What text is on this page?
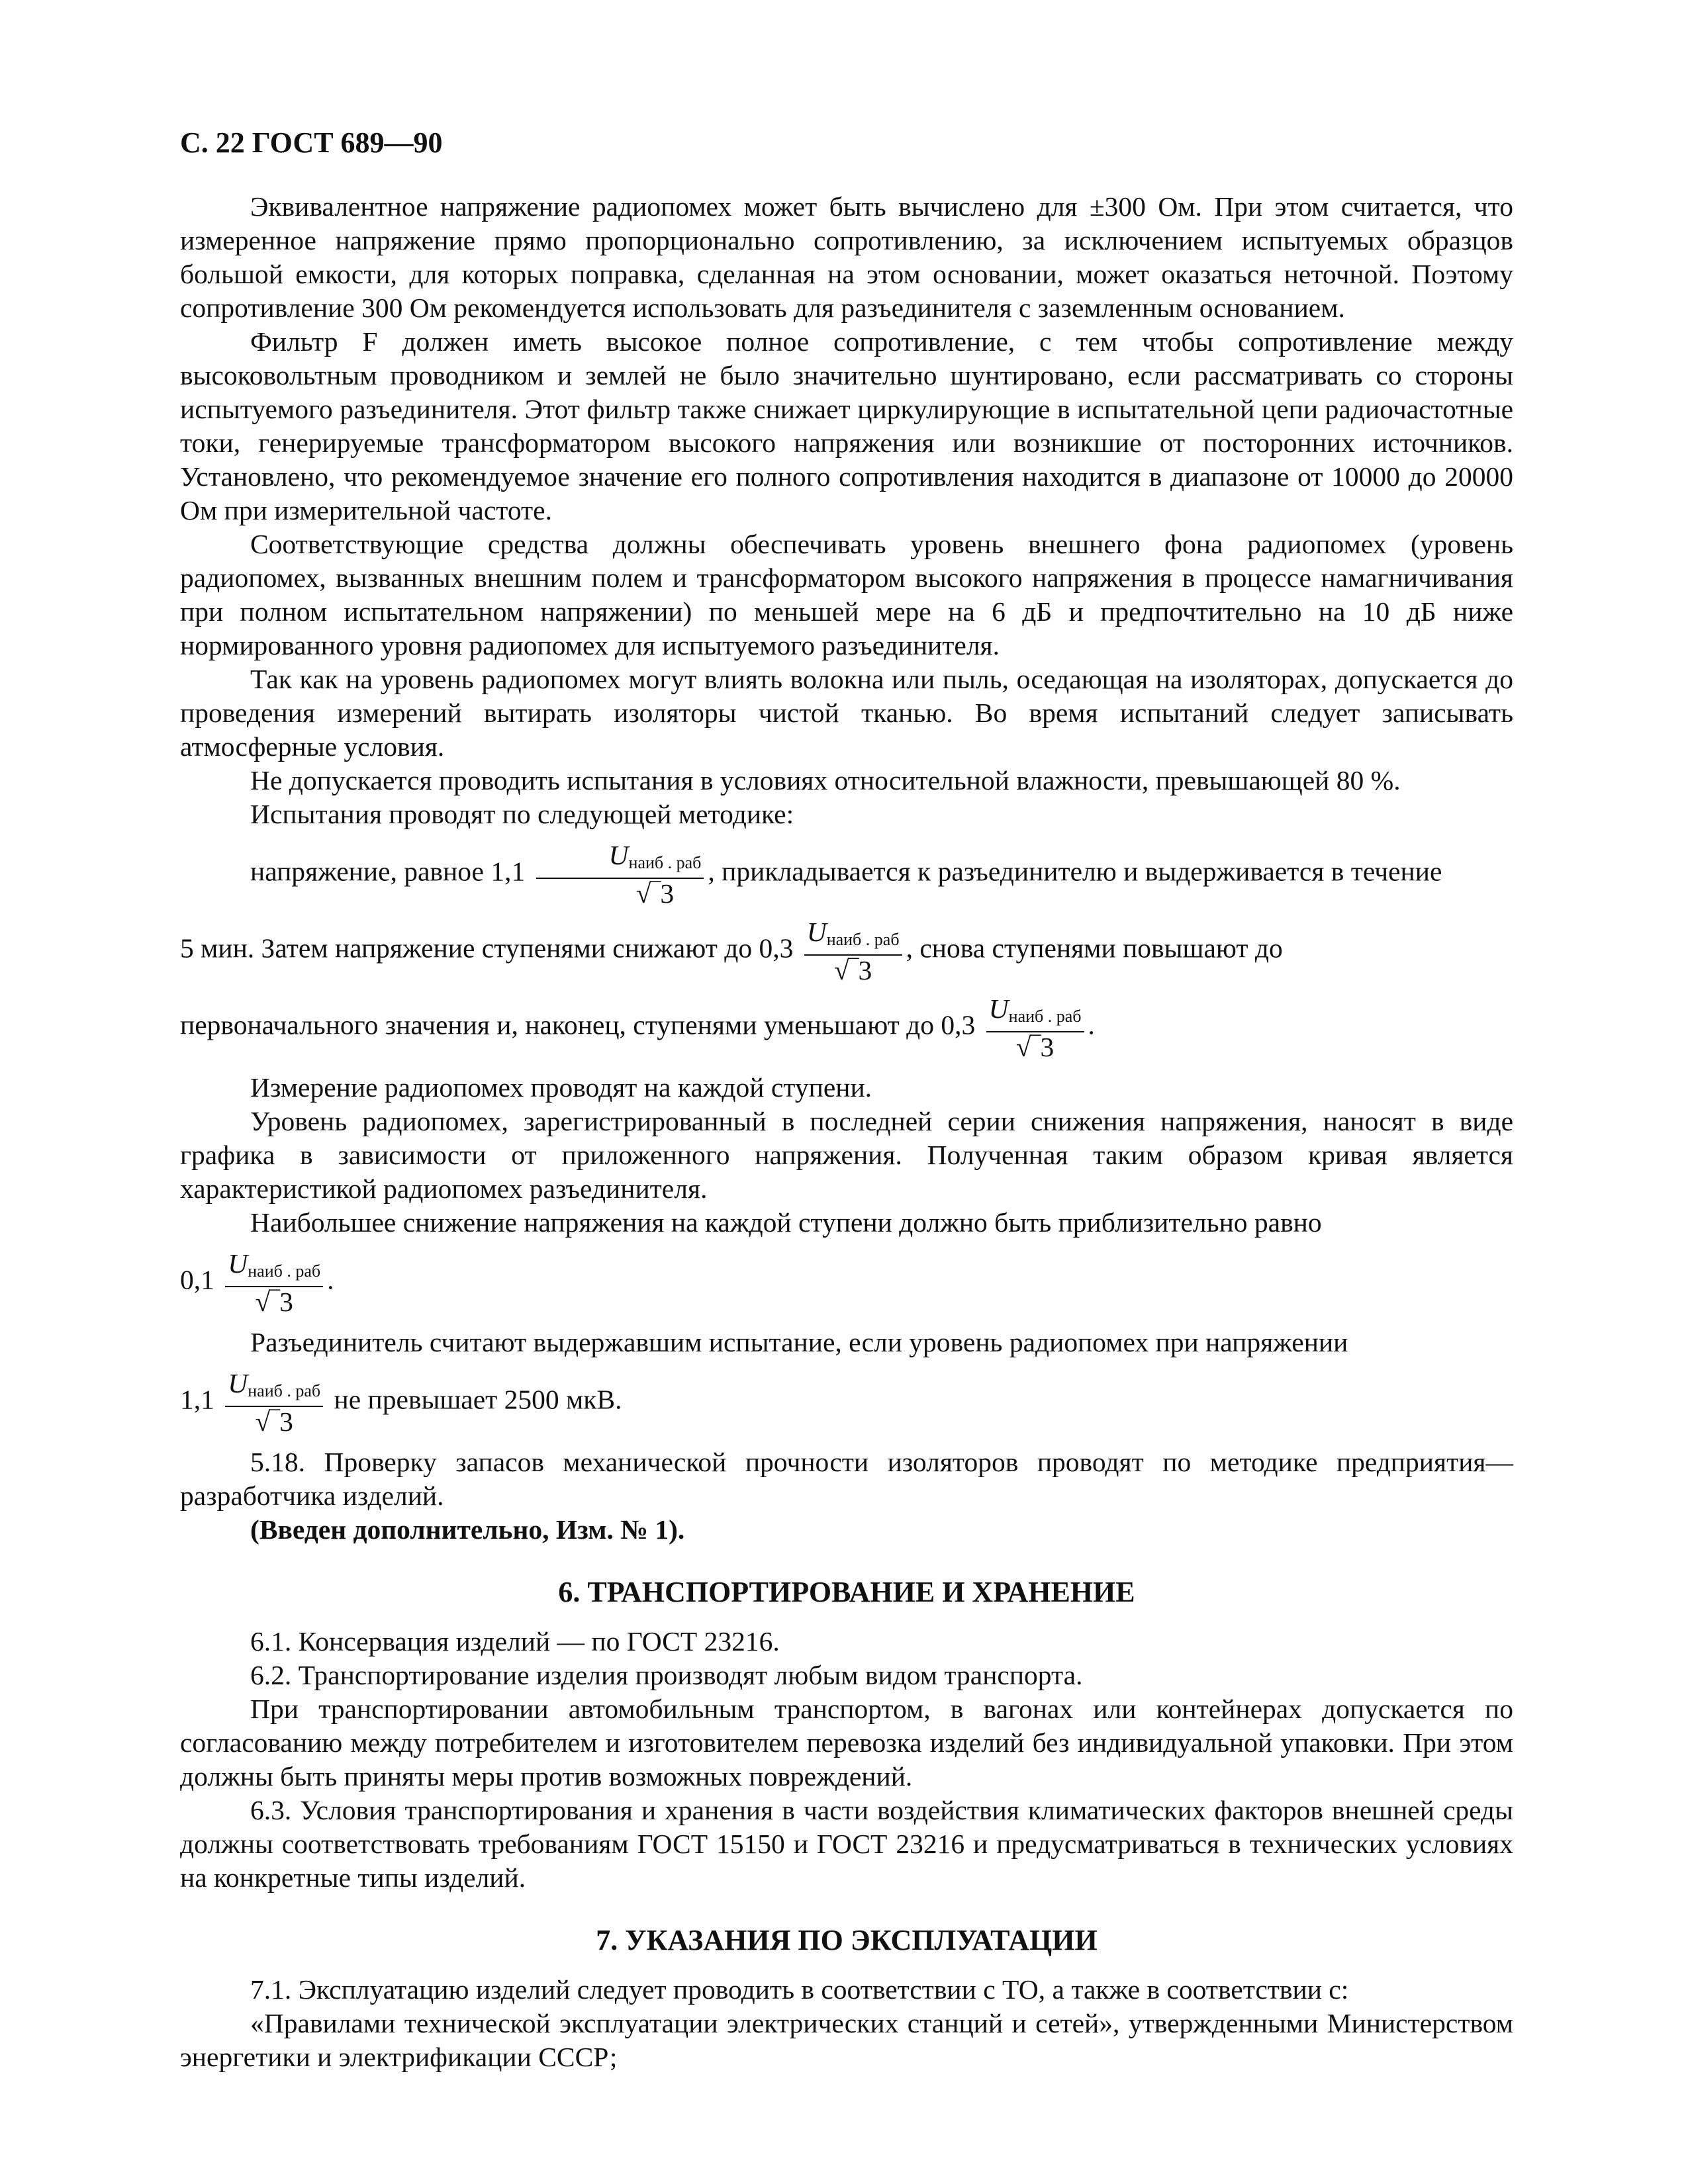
С. 22 ГОСТ 689—90

Эквивалентное напряжение радиопомех может быть вычислено для ±300 Ом. При этом считается, что измеренное напряжение прямо пропорционально сопротивлению, за исключением испытуемых образцов большой емкости, для которых поправка, сделанная на этом основании, может оказаться неточной. Поэтому сопротивление 300 Ом рекомендуется использовать для разъединителя с заземленным основанием.

Фильтр F должен иметь высокое полное сопротивление, с тем чтобы сопротивление между высоковольтным проводником и землей не было значительно шунтировано, если рассматривать со стороны испытуемого разъединителя. Этот фильтр также снижает циркулирующие в испытательной цепи радиочастотные токи, генерируемые трансформатором высокого напряжения или возникшие от посторонних источников. Установлено, что рекомендуемое значение его полного сопротивления находится в диапазоне от 10000 до 20000 Ом при измерительной частоте.

Соответствующие средства должны обеспечивать уровень внешнего фона радиопомех (уровень радиопомех, вызванных внешним полем и трансформатором высокого напряжения в процессе намагничивания при полном испытательном напряжении) по меньшей мере на 6 дБ и предпочтительно на 10 дБ ниже нормированного уровня радиопомех для испытуемого разъединителя.

Так как на уровень радиопомех могут влиять волокна или пыль, оседающая на изоляторах, допускается до проведения измерений вытирать изоляторы чистой тканью. Во время испытаний следует записывать атмосферные условия.

Не допускается проводить испытания в условиях относительной влажности, превышающей 80 %.

Испытания проводят по следующей методике:

напряжение, равное $1,1 \frac{U_{наиб . раб}}{√‾3}$ , прикладывается к разъединителю и выдерживается в течение

5 мин. Затем напряжение ступенями снижают до $0,3 \frac{U_{наиб . раб}}{√‾3}$ , снова ступенями повышают до

первоначального значения и, наконец, ступенями уменьшают до $0,3 \frac{U_{наиб . раб}}{√‾3}$ .

Измерение радиопомех проводят на каждой ступени.

Уровень радиопомех, зарегистрированный в последней серии снижения напряжения, наносят в виде графика в зависимости от приложенного напряжения. Полученная таким образом кривая является характеристикой радиопомех разъединителя.

Наибольшее снижение напряжения на каждой ступени должно быть приблизительно равно

$0,1 \frac{U_{наиб . раб}}{√‾3}$ .

Разъединитель считают выдержавшим испытание, если уровень радиопомех при напряжении

$1,1 \frac{U_{наиб . раб}}{√‾3}$ не превышает 2500 мкВ.

5.18. Проверку запасов механической прочности изоляторов проводят по методике предприятия—разработчика изделий.

(Введен дополнительно, Изм. № 1).

6. ТРАНСПОРТИРОВАНИЕ И ХРАНЕНИЕ

6.1. Консервация изделий — по ГОСТ 23216.

6.2. Транспортирование изделия производят любым видом транспорта.

При транспортировании автомобильным транспортом, в вагонах или контейнерах допускается по согласованию между потребителем и изготовителем перевозка изделий без индивидуальной упаковки. При этом должны быть приняты меры против возможных повреждений.

6.3. Условия транспортирования и хранения в части воздействия климатических факторов внешней среды должны соответствовать требованиям ГОСТ 15150 и ГОСТ 23216 и предусматриваться в технических условиях на конкретные типы изделий.

7. УКАЗАНИЯ ПО ЭКСПЛУАТАЦИИ

7.1. Эксплуатацию изделий следует проводить в соответствии с ТО, а также в соответствии с:

«Правилами технической эксплуатации электрических станций и сетей», утвержденными Министерством энергетики и электрификации СССР;
